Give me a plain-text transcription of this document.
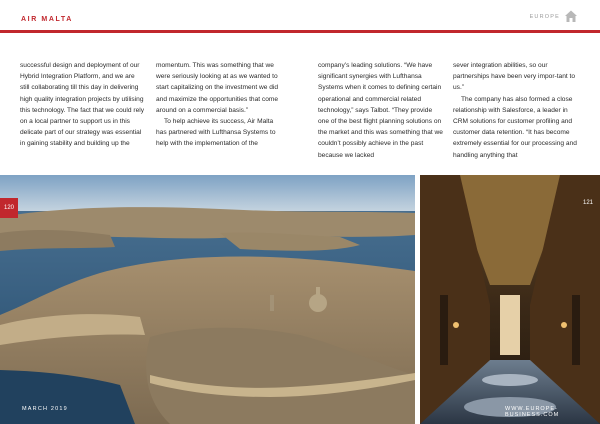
AIR MALTA	EUROPE

successful design and deployment of our Hybrid Integration Platform, and we are still collaborating till this day in delivering high quality integration projects by utilising this technology. The fact that we could rely on a local partner to support us in this delicate part of our strategy was essential in gaining stability and building up the

momentum. This was something that we were seriously looking at as we wanted to start capitalizing on the investment we did and maximize the opportunities that come around on a commercial basis.”

To help achieve its success, Air Malta has partnered with Lufthansa Systems to help with the implementation of the

company’s leading solutions. “We have significant synergies with Lufthansa Systems when it comes to defining certain operational and commercial related technology,” says Talbot. “They provide one of the best flight planning solutions on the market and this was something that we couldn’t possibly achieve in the past because we lacked

sever integration abilities, so our partnerships have been very impor-tant to us.”

The company has also formed a close relationship with Salesforce, a leader in CRM solutions for customer profiling and customer data retention. “It has become extremely essential for our processing and handling anything that

120
121
MARCH 2019	WWW.EUROPE-BUSINESS.COM
